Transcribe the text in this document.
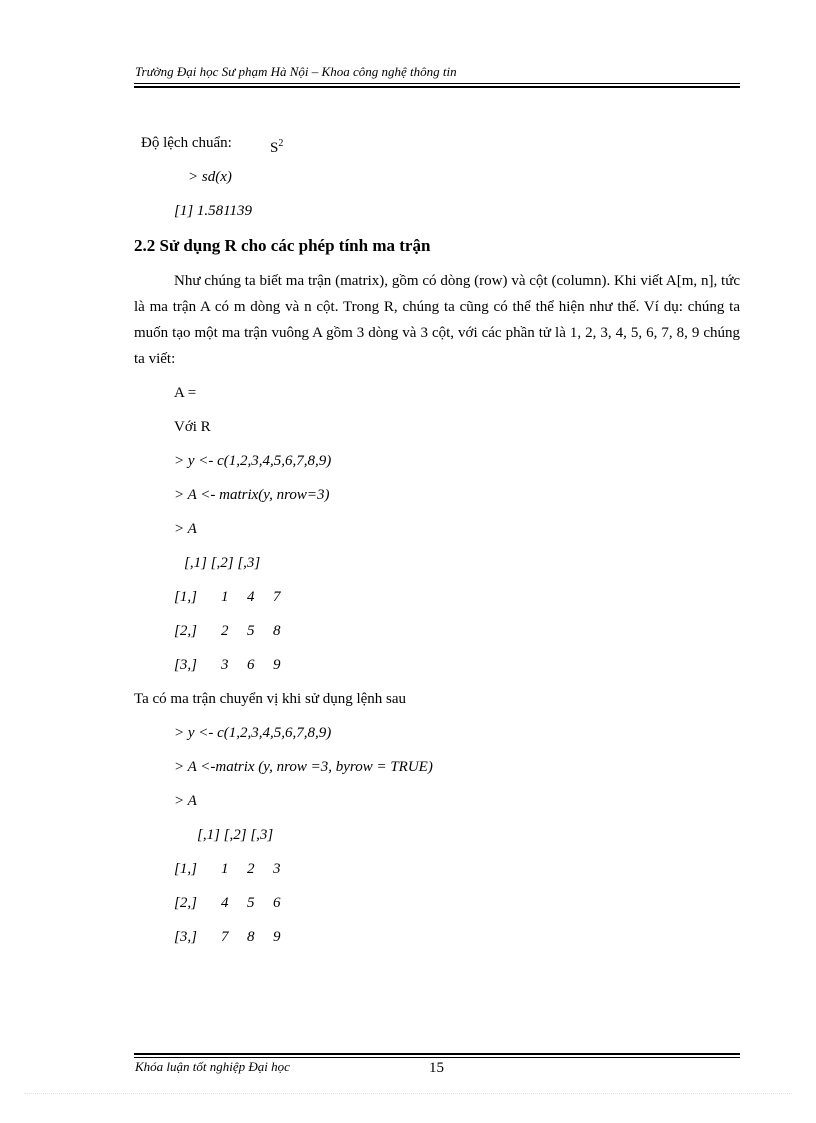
Trường Đại học Sư phạm Hà Nội – Khoa công nghệ thông tin
Độ lệch chuẩn:	$S^2$
> sd(x)
[1] 1.581139
2.2 Sử dụng R cho các phép tính ma trận
Như chúng ta biết ma trận (matrix), gồm có dòng (row) và cột (column). Khi viết A[m, n], tức là ma trận A có m dòng và n cột. Trong R, chúng ta cũng có thể thể hiện như thế. Ví dụ: chúng ta muốn tạo một ma trận vuông A gồm 3 dòng và 3 cột, với các phần tử là 1, 2, 3, 4, 5, 6, 7, 8, 9 chúng ta viết:
A =
Với R
> y <- c(1,2,3,4,5,6,7,8,9)
> A <- matrix(y, nrow=3)
> A
[,1] [,2] [,3]
[1,] 1 4 7
[2,] 2 5 8
[3,] 3 6 9
Ta có ma trận chuyển vị khi sử dụng lệnh sau
> y <- c(1,2,3,4,5,6,7,8,9)
> A <-matrix (y, nrow =3, byrow = TRUE)
> A
[,1] [,2] [,3]
[1,] 1 2 3
[2,] 4 5 6
[3,] 7 8 9
Khóa luận tốt nghiệp Đại học	15
